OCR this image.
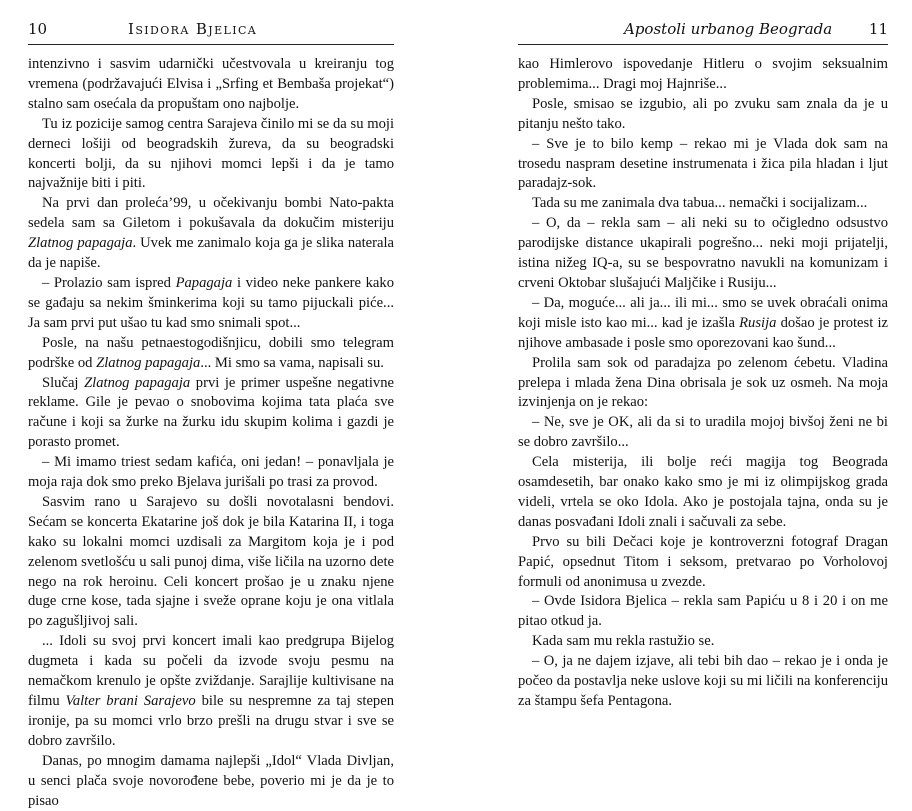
10	Isidora Bjelica

intenzivno i sasvim udarnički učestvovala u kreiranju tog vremena (podržavajući Elvisa i „Srfing et Bembaša projekat“) stalno sam osećala da propuštam ono najbolje.

Tu iz pozicije samog centra Sarajeva činilo mi se da su moji derneci lošiji od beogradskih žureva, da su beogradski koncerti bolji, da su njihovi momci lepši i da je tamo najvažnije biti i piti.

Na prvi dan proleća’99, u očekivanju bombi Nato-pakta sedela sam sa Giletom i pokušavala da dokučim misteriju Zlatnog papagaja. Uvek me zanimalo koja ga je slika naterala da je napiše.

– Prolazio sam ispred Papagaja i video neke pankere kako se gađaju sa nekim šminkerima koji su tamo pijuckali piće... Ja sam prvi put ušao tu kad smo snimali spot...

Posle, na našu petnaestogodišnjicu, dobili smo telegram podrške od Zlatnog papagaja... Mi smo sa vama, napisali su.

Slučaj Zlatnog papagaja prvi je primer uspešne negativne reklame. Gile je pevao o snobovima kojima tata plaća sve račune i koji sa žurke na žurku idu skupim kolima i gazdi je porasto promet.

– Mi imamo triest sedam kafića, oni jedan! – ponavljala je moja raja dok smo preko Bjelava jurišali po trasi za provod.

Sasvim rano u Sarajevo su došli novotalasni bendovi. Sećam se koncerta Ekatarine još dok je bila Katarina II, i toga kako su lokalni momci uzdisali za Margitom koja je i pod zelenom svetlošću u sali punoj dima, više ličila na uzorno dete nego na rok heroinu. Celi koncert prošao je u znaku njene duge crne kose, tada sjajne i sveže oprane koju je ona vitlala po zagušljivoj sali.

... Idoli su svoj prvi koncert imali kao predgrupa Bijelog dugmeta i kada su počeli da izvode svoju pesmu na nemačkom krenulo je opšte zviždanje. Sarajlije kultivisane na filmu Valter brani Sarajevo bile su nespremne za taj stepen ironije, pa su momci vrlo brzo prešli na drugu stvar i sve se dobro završilo.

Danas, po mnogim damama najlepši „Idol“ Vlada Divljan, u senci plača svoje novorođene bebe, poverio mi je da je to pisao

Apostoli urbanog Beograda 11

kao Himlerovo ispovedanje Hitleru o svojim seksualnim problemima... Dragi moj Hajnriše...

Posle, smisao se izgubio, ali po zvuku sam znala da je u pitanju nešto tako.

– Sve je to bilo kemp – rekao mi je Vlada dok sam na trosedu naspram desetine instrumenata i žica pila hladan i ljut paradajz-sok.

Tada su me zanimala dva tabua... nemački i socijalizam...

– O, da – rekla sam – ali neki su to očigledno odsustvo parodijske distance ukapirali pogrešno... neki moji prijatelji, istina nižeg IQ-a, su se bespovratno navukli na komunizam i crveni Oktobar slušajući Maljčike i Rusiju...

– Da, moguće... ali ja... ili mi... smo se uvek obraćali onima koji misle isto kao mi... kad je izašla Rusija došao je protest iz njihove ambasade i posle smo oporezovani kao šund...

Prolila sam sok od paradajza po zelenom ćebetu. Vladina prelepa i mlada žena Dina obrisala je sok uz osmeh. Na moja izvinjenja on je rekao:

– Ne, sve je OK, ali da si to uradila mojoj bivšoj ženi ne bi se dobro završilo...

Cela misterija, ili bolje reći magija tog Beograda osamdesetih, bar onako kako smo je mi iz olimpijskog grada videli, vrtela se oko Idola. Ako je postojala tajna, onda su je danas posvađani Idoli znali i sačuvali za sebe.

Prvo su bili Dečaci koje je kontroverzni fotograf Dragan Papić, opsednut Titom i seksom, pretvarao po Vorholovoj formuli od anonimusa u zvezde.

– Ovde Isidora Bjelica – rekla sam Papiću u 8 i 20 i on me pitao otkud ja.

Kada sam mu rekla rastužio se.

– O, ja ne dajem izjave, ali tebi bih dao – rekao je i onda je počeo da postavlja neke uslove koji su mi ličili na konferenciju za štampu šefa Pentagona.
